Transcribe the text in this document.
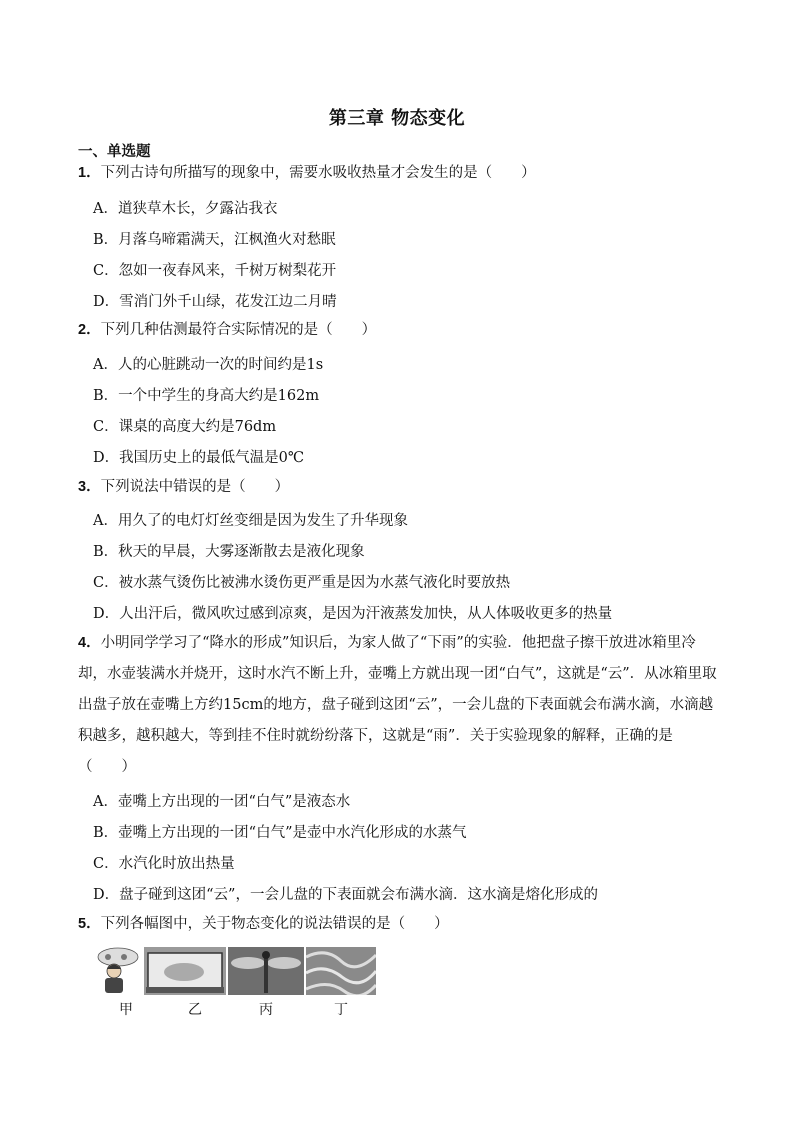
第三章 物态变化
一、单选题
1．下列古诗句所描写的现象中，需要水吸收热量才会发生的是（　　）
A．道狭草木长，夕露沾我衣
B．月落乌啼霜满天，江枫渔火对愁眠
C．忽如一夜春风来，千树万树梨花开
D．雪消门外千山绿，花发江边二月晴
2．下列几种估测最符合实际情况的是（　　）
A．人的心脏跳动一次的时间约是1s
B．一个中学生的身高大约是162m
C．课桌的高度大约是76dm
D．我国历史上的最低气温是0℃
3．下列说法中错误的是（　　）
A．用久了的电灯灯丝变细是因为发生了升华现象
B．秋天的早晨，大雾逐渐散去是液化现象
C．被水蒸气烫伤比被沸水烫伤更严重是因为水蒸气液化时要放热
D．人出汗后，微风吹过感到凉爽，是因为汗液蒸发加快，从人体吸收更多的热量
4．小明同学学习了“降水的形成”知识后，为家人做了“下雨”的实验．他把盘子擦干放进冰箱里冷却，水壶装满水并烧开，这时水汽不断上升，壶嘴上方就出现一团“白气”，这就是“云”．从冰箱里取出盘子放在壶嘴上方约15cm的地方，盘子碰到这团“云”，一会儿盘的下表面就会布满水滴，水滴越积越多，越积越大，等到挂不住时就纷纷落下，这就是“雨”．关于实验现象的解释，正确的是（　　）
A．壶嘴上方出现的一团“白气”是液态水
B．壶嘴上方出现的一团“白气”是壶中水汽化形成的水蒸气
C．水汽化时放出热量
D．盘子碰到这团“云”，一会儿盘的下表面就会布满水滴．这水滴是熔化形成的
5．下列各幅图中，关于物态变化的说法错误的是（　　）
甲	乙	丙	丁
